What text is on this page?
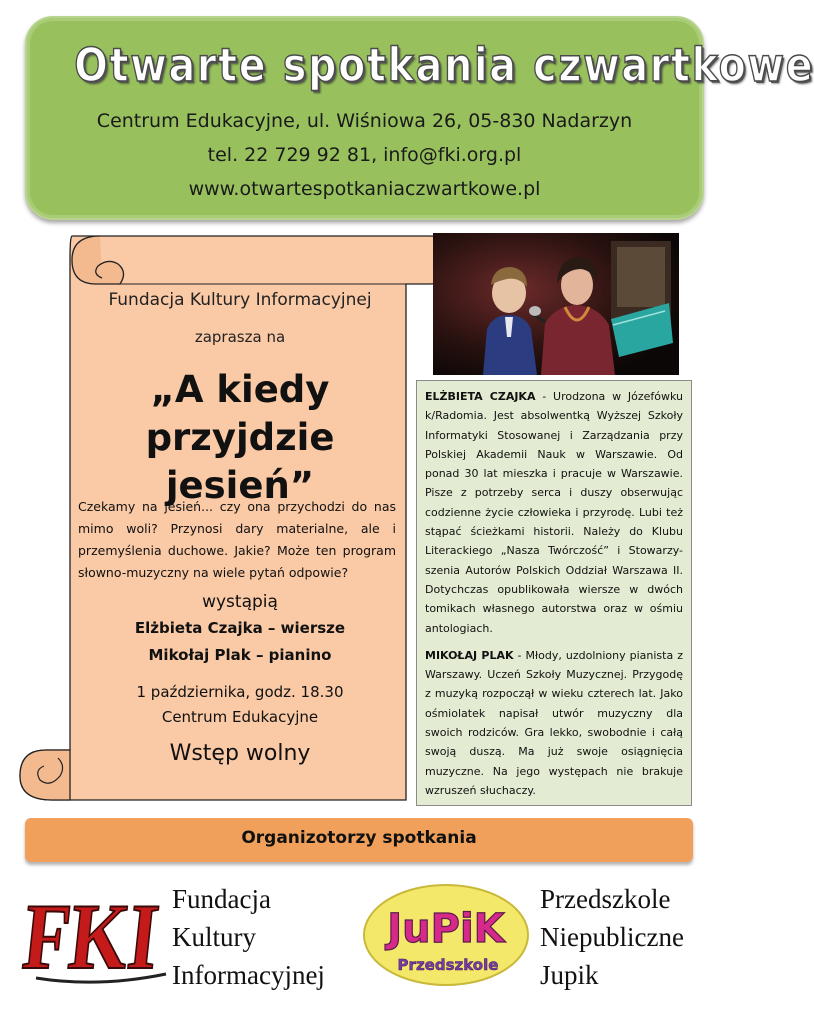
Otwarte spotkania czwartkowe
Centrum Edukacyjne, ul. Wiśniowa 26, 05-830 Nadarzyn
tel. 22 729 92 81, info@fki.org.pl
www.otwartespotkaniaczwartkowe.pl
Fundacja Kultury Informacyjnej
zaprasza na
„A kiedy
przyjdzie jesień”
Czekamy na jesień... czy ona przychodzi do nas mimo woli? Przynosi dary materialne, ale i przemyślenia duchowe. Jakie? Może ten program słowno-muzyczny na wiele pytań odpowie?
wystąpią
Elżbieta Czajka – wiersze
Mikołaj Plak – pianino
1 października, godz. 18.30
Centrum Edukacyjne
Wstęp wolny

ELŻBIETA CZAJKA - Urodzona w Józefówku k/Radomia. Jest absolwentką Wyższej Szkoły Informatyki Stosowanej i Zarządzania przy Polskiej Akademii Nauk w Warszawie. Od ponad 30 lat mieszka i pracuje w Warszawie. Pisze z potrzeby serca i duszy obserwując codzienne życie człowieka i przyrodę. Lubi też stąpać ścieżkami historii. Należy do Klubu Literackiego „Nasza Twórczość” i Stowarzy-szenia Autorów Polskich Oddział Warszawa II. Dotychczas opublikowała wiersze w dwóch tomikach własnego autorstwa oraz w ośmiu antologiach.

MIKOŁAJ PLAK - Młody, uzdolniony pianista z Warszawy. Uczeń Szkoły Muzycznej. Przygodę z muzyką rozpoczął w wieku czterech lat. Jako ośmiolatek napisał utwór muzyczny dla swoich rodziców. Gra lekko, swobodnie i całą swoją duszą. Ma już swoje osiągnięcia muzyczne. Na jego występach nie brakuje wzruszeń słuchaczy.

Organizotorzy spotkania
FKI
Fundacja
Kultury
Informacyjnej
JuPiK
Przedszkole
Przedszkole
Niepubliczne
Jupik
